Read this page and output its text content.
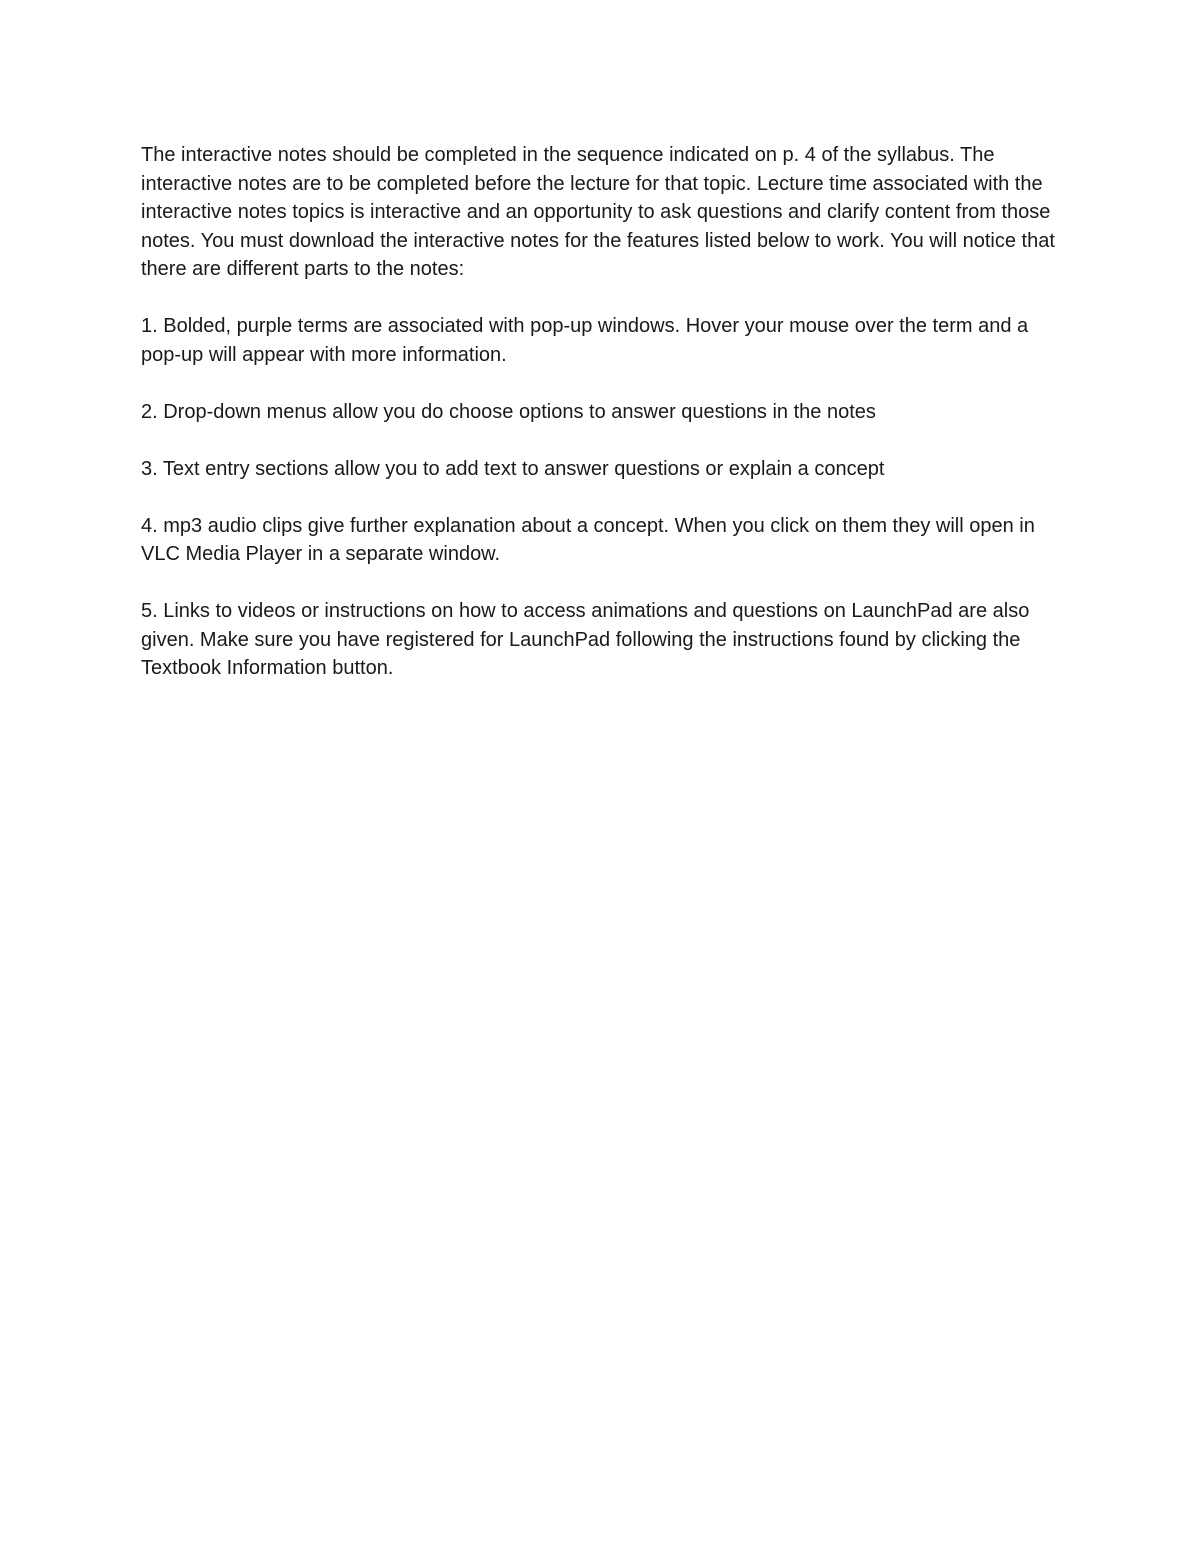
The interactive notes should be completed in the sequence indicated on p. 4 of the syllabus. The interactive notes are to be completed before the lecture for that topic. Lecture time associated with the interactive notes topics is interactive and an opportunity to ask questions and clarify content from those notes. You must download the interactive notes for the features listed below to work. You will notice that there are different parts to the notes:

1. Bolded, purple terms are associated with pop-up windows. Hover your mouse over the term and a pop-up will appear with more information.

2. Drop-down menus allow you do choose options to answer questions in the notes

3. Text entry sections allow you to add text to answer questions or explain a concept

4. mp3 audio clips give further explanation about a concept. When you click on them they will open in VLC Media Player in a separate window.

5. Links to videos or instructions on how to access animations and questions on LaunchPad are also given. Make sure you have registered for LaunchPad following the instructions found by clicking the Textbook Information button.
